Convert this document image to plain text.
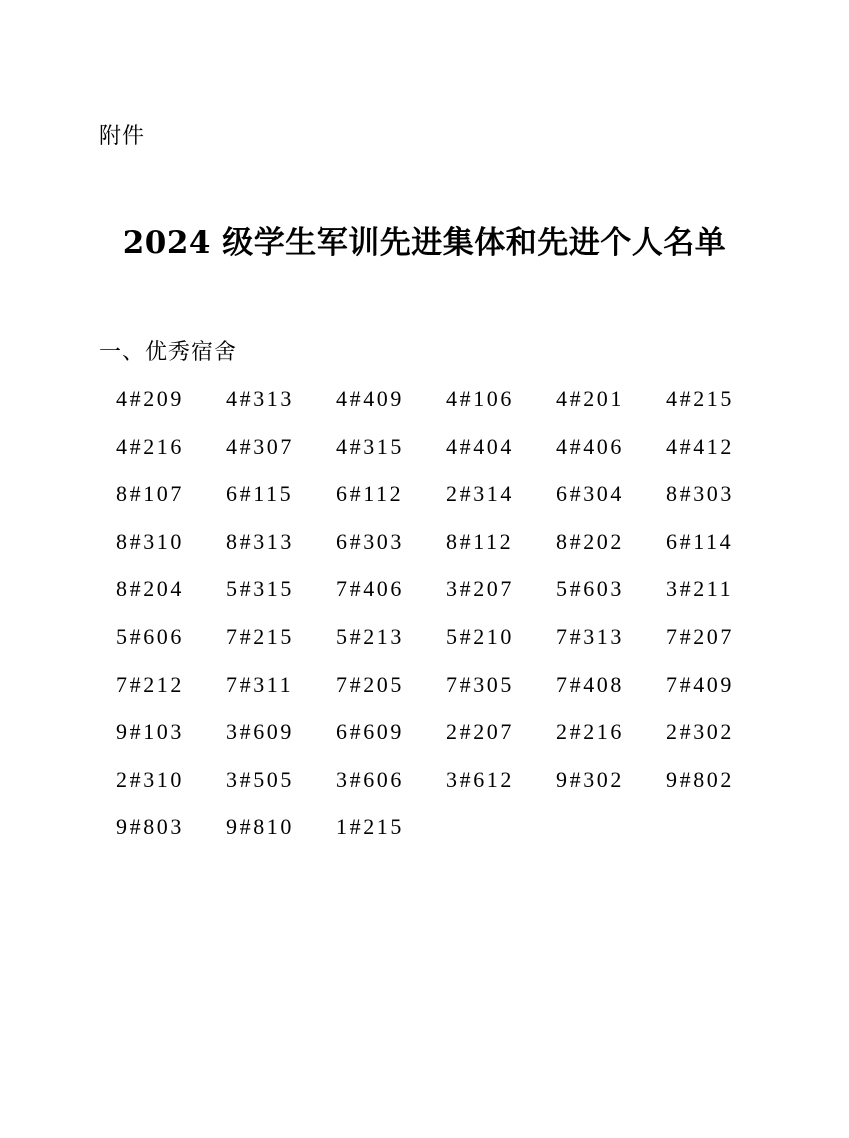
附件
2024 级学生军训先进集体和先进个人名单
一、优秀宿舍
4#209	4#313	4#409	4#106	4#201	4#215
4#216	4#307	4#315	4#404	4#406	4#412
8#107	6#115	6#112	2#314	6#304	8#303
8#310	8#313	6#303	8#112	8#202	6#114
8#204	5#315	7#406	3#207	5#603	3#211
5#606	7#215	5#213	5#210	7#313	7#207
7#212	7#311	7#205	7#305	7#408	7#409
9#103	3#609	6#609	2#207	2#216	2#302
2#310	3#505	3#606	3#612	9#302	9#802
9#803	9#810	1#215
